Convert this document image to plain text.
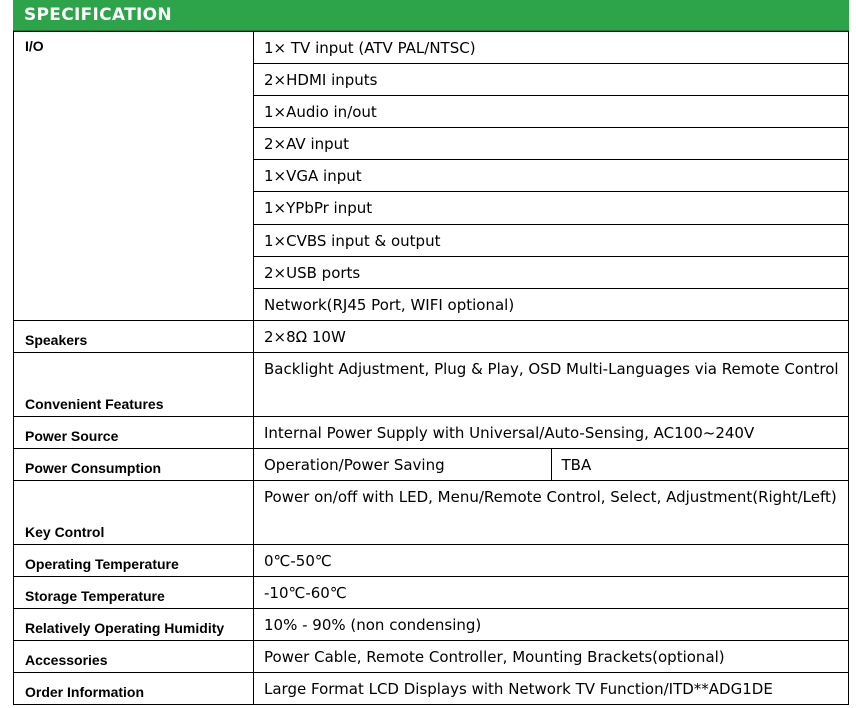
SPECIFICATION
I/O	1× TV input (ATV PAL/NTSC)	
	2×HDMI inputs	
	1×Audio in/out	
	2×AV input	
	1×VGA input	
	1×YPbPr input	
	1×CVBS input & output	
	2×USB ports	
	Network(RJ45 Port, WIFI optional)	
Speakers	2×8Ω 10W	
Convenient Features	Backlight Adjustment, Plug & Play, OSD Multi-Languages via Remote Control	
Power Source	Internal Power Supply with Universal/Auto-Sensing, AC100~240V	
Power Consumption	Operation/Power Saving	TBA
Key Control	Power on/off with LED, Menu/Remote Control, Select, Adjustment(Right/Left)	
Operating Temperature	0℃-50℃	
Storage Temperature	-10℃-60℃	
Relatively Operating Humidity	10% - 90% (non condensing)	
Accessories	Power Cable, Remote Controller, Mounting Brackets(optional)	
Order Information	Large Format LCD Displays with Network TV Function/ITD**ADG1DE	
